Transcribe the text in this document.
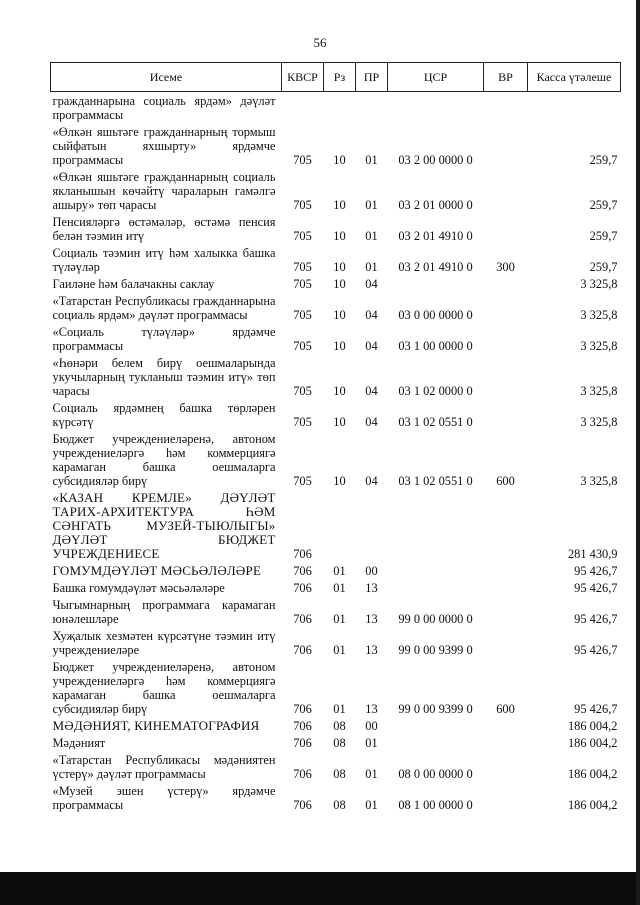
56
Исеме	КВСР	Рз	ПР	ЦСР	ВР	Касса үтәлеше
гражданнарына социаль ярдәм» дәүләт программасы						
«Өлкән яшьтәге гражданнарның тормыш сыйфатын яхшырту» ярдәмче программасы	705	10	01	03 2 00 0000 0		259,7
«Өлкән яшьтәге гражданнарның социаль якланышын көчәйтү чараларын гамәлгә ашыру» төп чарасы	705	10	01	03 2 01 0000 0		259,7
Пенсияләргә өстәмәләр, өстәмә пенсия белән тәэмин итү	705	10	01	03 2 01 4910 0		259,7
Социаль тәэмин итү һәм халыкка башка түләүләр	705	10	01	03 2 01 4910 0	300	259,7
Гаиләне һәм балачакны саклау	705	10	04			3 325,8
«Татарстан Республикасы гражданнарына социаль ярдәм» дәүләт программасы	705	10	04	03 0 00 0000 0		3 325,8
«Социаль түләүләр» ярдәмче программасы	705	10	04	03 1 00 0000 0		3 325,8
«Һөнәри белем бирү оешмаларында укучыларның тукланыш тәэмин итү» төп чарасы	705	10	04	03 1 02 0000 0		3 325,8
Социаль ярдәмнең башка төрләрен күрсәтү	705	10	04	03 1 02 0551 0		3 325,8
Бюджет учреждениеләренә, автоном учреждениеләргә һәм коммерциягә карамаган башка оешмаларга субсидияләр бирү	705	10	04	03 1 02 0551 0	600	3 325,8
«КАЗАН КРЕМЛЕ» ДӘҮЛӘТ ТАРИХ-АРХИТЕКТУРА ҺӘМ СӘНГАТЬ МУЗЕЙ-ТЫЮЛЫГЫ» ДӘҮЛӘТ БЮДЖЕТ УЧРЕЖДЕНИЕСЕ	706					281 430,9
ГОМУМДӘҮЛӘТ МӘСЬӘЛӘЛӘРЕ	706	01	00			95 426,7
Башка гомумдәүләт мәсьәләләре	706	01	13			95 426,7
Чыгымнарның программага карамаган юнәлешләре	706	01	13	99 0 00 0000 0		95 426,7
Хуҗалык хезмәтен күрсәтүне тәэмин итү учреждениеләре	706	01	13	99 0 00 9399 0		95 426,7
Бюджет учреждениеләренә, автоном учреждениеләргә һәм коммерциягә карамаган башка оешмаларга субсидияләр бирү	706	01	13	99 0 00 9399 0	600	95 426,7
МӘДӘНИЯТ, КИНЕМАТОГРАФИЯ	706	08	00			186 004,2
Мәдәният	706	08	01			186 004,2
«Татарстан Республикасы мәдәниятен үстерү» дәүләт программасы	706	08	01	08 0 00 0000 0		186 004,2
«Музей эшен үстерү» ярдәмче программасы	706	08	01	08 1 00 0000 0		186 004,2
